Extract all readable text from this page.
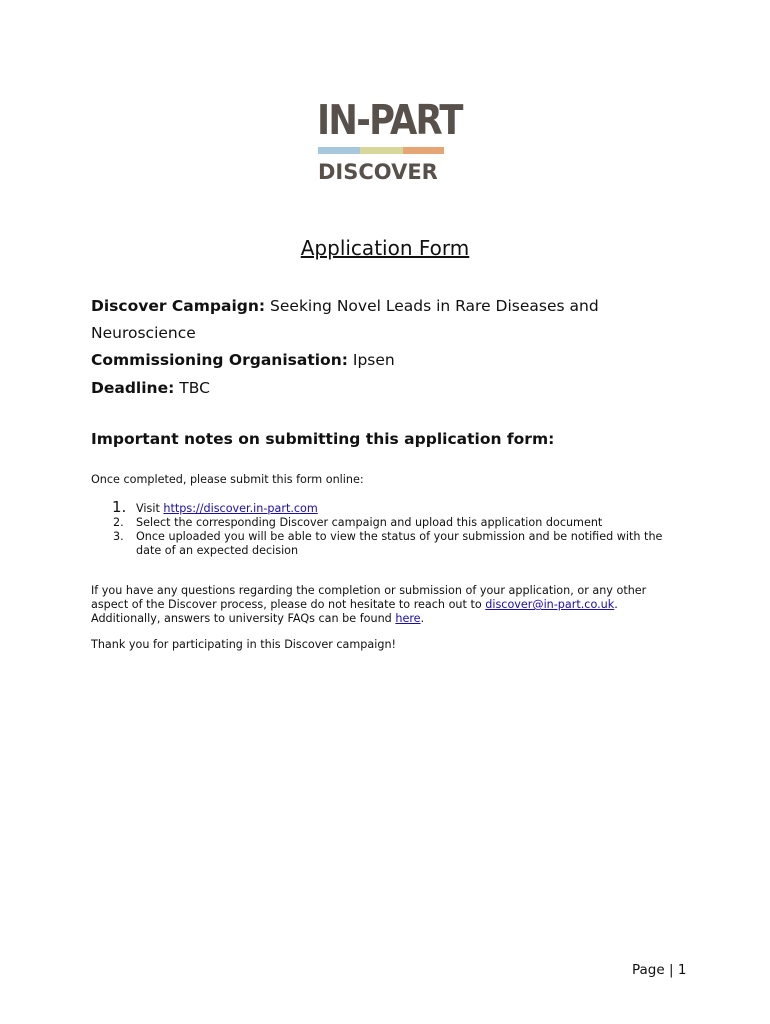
IN-PART
DISCOVER
Application Form
Discover Campaign: Seeking Novel Leads in Rare Diseases and
Neuroscience
Commissioning Organisation: Ipsen
Deadline: TBC
Important notes on submitting this application form:
Once completed, please submit this form online:
1. Visit https://discover.in-part.com
2. Select the corresponding Discover campaign and upload this application document
3. Once uploaded you will be able to view the status of your submission and be notified with the
date of an expected decision
If you have any questions regarding the completion or submission of your application, or any other
aspect of the Discover process, please do not hesitate to reach out to discover@in-part.co.uk.
Additionally, answers to university FAQs can be found here.
Thank you for participating in this Discover campaign!
Page | 1
